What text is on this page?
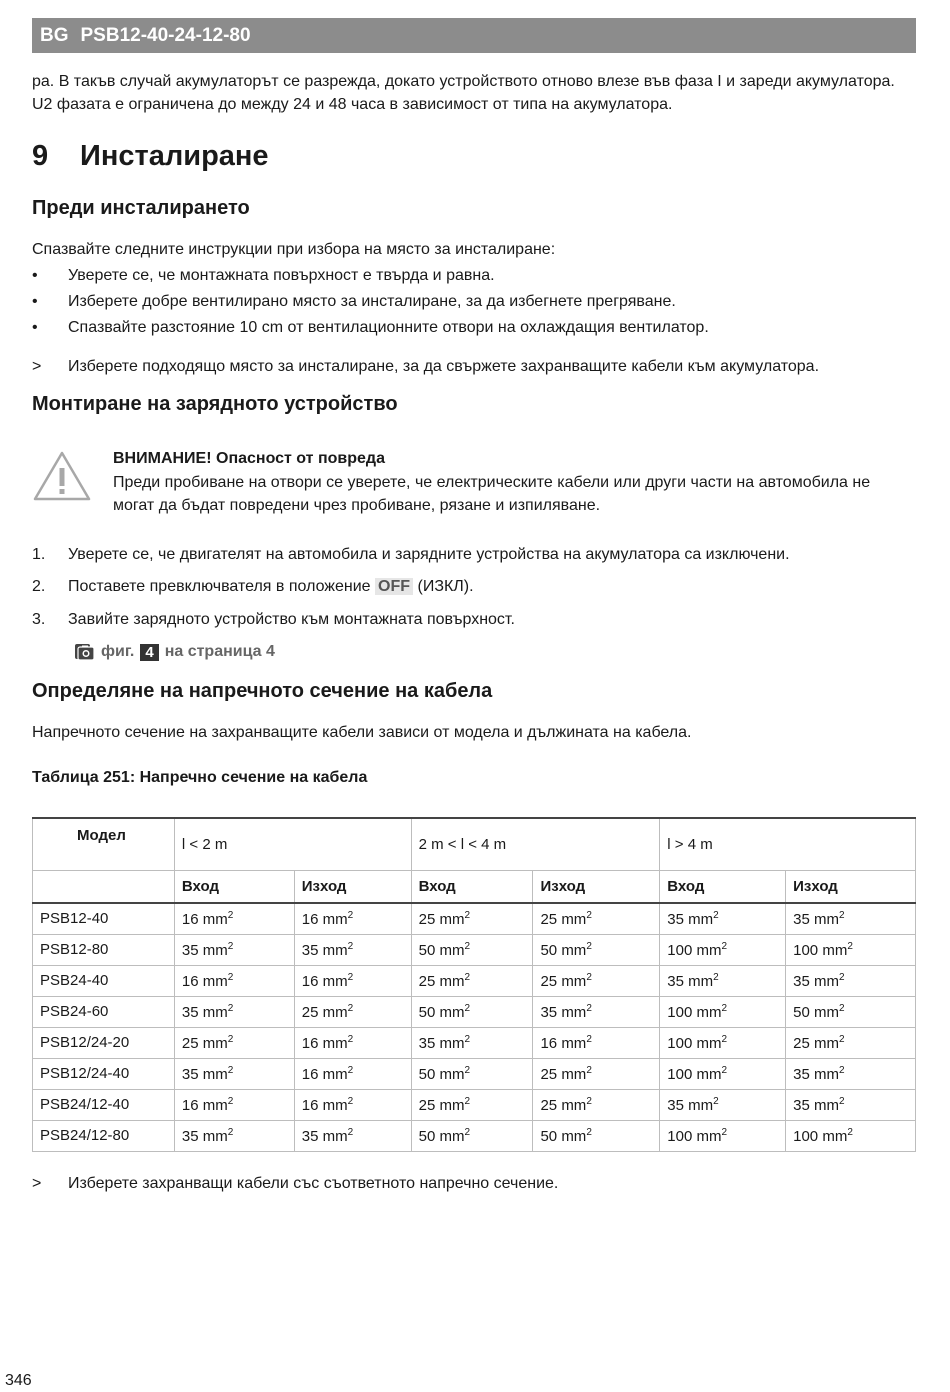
BG PSB12-40-24-12-80
ра. В такъв случай акумулаторът се разрежда, докато устройството отново влезе във фаза I и зареди акумулатора. U2 фазата е ограничена до между 24 и 48 часа в зависимост от типа на акумулатора.
9 Инсталиране
Преди инсталирането
Спазвайте следните инструкции при избора на място за инсталиране:
•	Уверете се, че монтажната повърхност е твърда и равна.
•	Изберете добре вентилирано място за инсталиране, за да избегнете прегряване.
•	Спазвайте разстояние 10 cm от вентилационните отвори на охлаждащия вентилатор.
>	Изберете подходящо място за инсталиране, за да свържете захранващите кабели към акумулатора.
Монтиране на зарядното устройство
ВНИМАНИЕ! Опасност от повреда
Преди пробиване на отвори се уверете, че електрическите кабели или други части на автомобила не могат да бъдат повредени чрез пробиване, рязане и изпиляване.
1.	Уверете се, че двигателят на автомобила и зарядните устройства на акумулатора са изключени.
2.	Поставете превключвателя в положение OFF (ИЗКЛ).
3.	Завийте зарядното устройство към монтажната повърхност.
фиг. 4 на страница 4
Определяне на напречното сечение на кабела
Напречното сечение на захранващите кабели зависи от модела и дължината на кабела.
Таблица 251: Напречно сечение на кабела
Модел	l < 2 m		2 m < l < 4 m		l > 4 m	
	Вход	Изход	Вход	Изход	Вход	Изход
PSB12-40	16 $mm^2$	16 $mm^2$	25 $mm^2$	25 $mm^2$	35 $mm^2$	35 $mm^2$
PSB12-80	35 $mm^2$	35 $mm^2$	50 $mm^2$	50 $mm^2$	100 $mm^2$	100 $mm^2$
PSB24-40	16 $mm^2$	16 $mm^2$	25 $mm^2$	25 $mm^2$	35 $mm^2$	35 $mm^2$
PSB24-60	35 $mm^2$	25 $mm^2$	50 $mm^2$	35 $mm^2$	100 $mm^2$	50 $mm^2$
PSB12/24-20	25 $mm^2$	16 $mm^2$	35 $mm^2$	16 $mm^2$	100 $mm^2$	25 $mm^2$
PSB12/24-40	35 $mm^2$	16 $mm^2$	50 $mm^2$	25 $mm^2$	100 $mm^2$	35 $mm^2$
PSB24/12-40	16 $mm^2$	16 $mm^2$	25 $mm^2$	25 $mm^2$	35 $mm^2$	35 $mm^2$
PSB24/12-80	35 $mm^2$	35 $mm^2$	50 $mm^2$	50 $mm^2$	100 $mm^2$	100 $mm^2$
>	Изберете захранващи кабели със съответното напречно сечение.
346
